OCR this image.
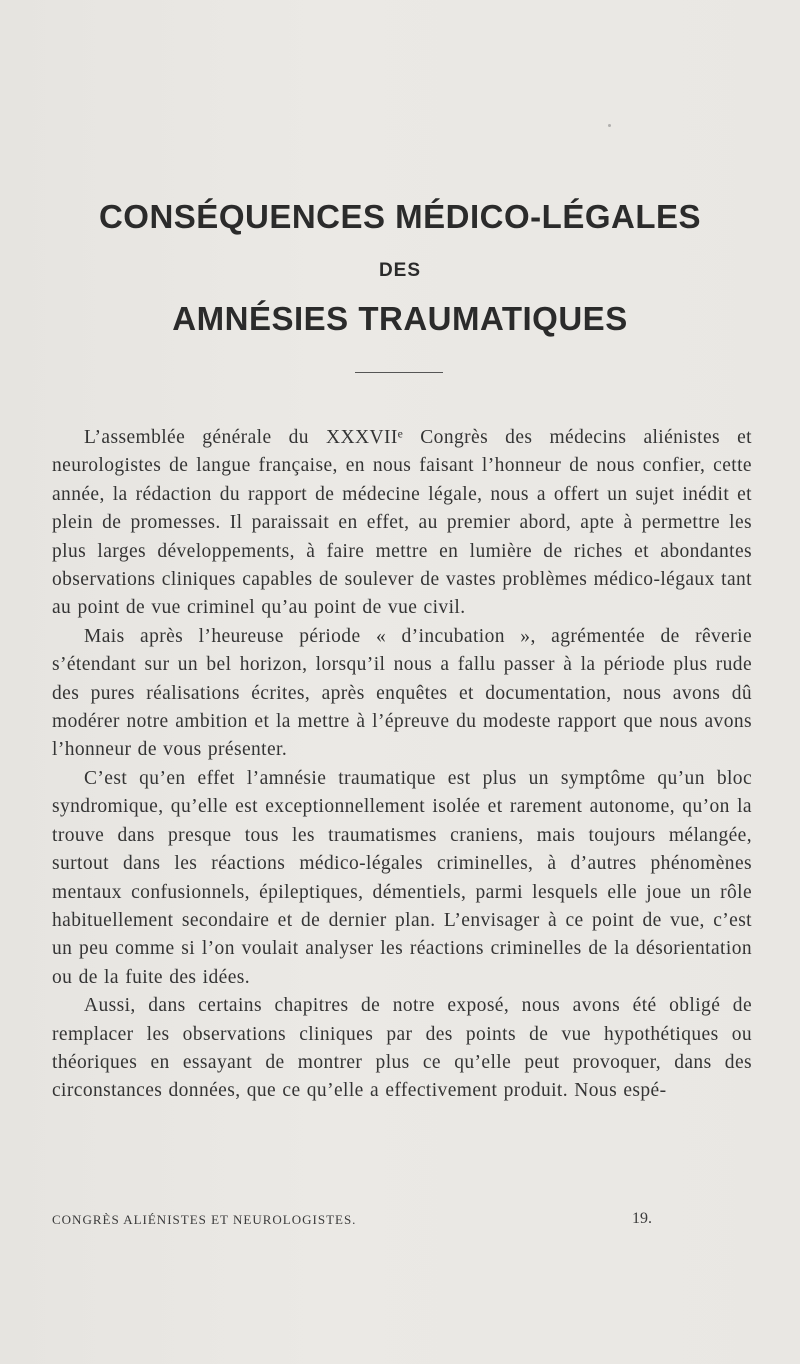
CONSÉQUENCES MÉDICO-LÉGALES
DES
AMNÉSIES TRAUMATIQUES

L’assemblée générale du XXXVIIᵉ Congrès des médecins aliénistes et neurologistes de langue française, en nous faisant l’honneur de nous confier, cette année, la rédaction du rapport de médecine légale, nous a offert un sujet inédit et plein de promesses. Il paraissait en effet, au premier abord, apte à permettre les plus larges développements, à faire mettre en lumière de riches et abondantes observations cliniques capables de soulever de vastes problèmes médico-légaux tant au point de vue criminel qu’au point de vue civil.

Mais après l’heureuse période « d’incubation », agrémentée de rêverie s’étendant sur un bel horizon, lorsqu’il nous a fallu passer à la période plus rude des pures réalisations écrites, après enquêtes et documentation, nous avons dû modérer notre ambition et la mettre à l’épreuve du modeste rapport que nous avons l’honneur de vous présenter.

C’est qu’en effet l’amnésie traumatique est plus un symptôme qu’un bloc syndromique, qu’elle est exceptionnellement isolée et rarement autonome, qu’on la trouve dans presque tous les traumatismes craniens, mais toujours mélangée, surtout dans les réactions médico-légales criminelles, à d’autres phénomènes mentaux confusionnels, épileptiques, démentiels, parmi lesquels elle joue un rôle habituellement secondaire et de dernier plan. L’envisager à ce point de vue, c’est un peu comme si l’on voulait analyser les réactions criminelles de la désorientation ou de la fuite des idées.

Aussi, dans certains chapitres de notre exposé, nous avons été obligé de remplacer les observations cliniques par des points de vue hypothétiques ou théoriques en essayant de montrer plus ce qu’elle peut provoquer, dans des circonstances données, que ce qu’elle a effectivement produit. Nous espé-

CONGRÈS ALIÉNISTES ET NEUROLOGISTES.	19.
